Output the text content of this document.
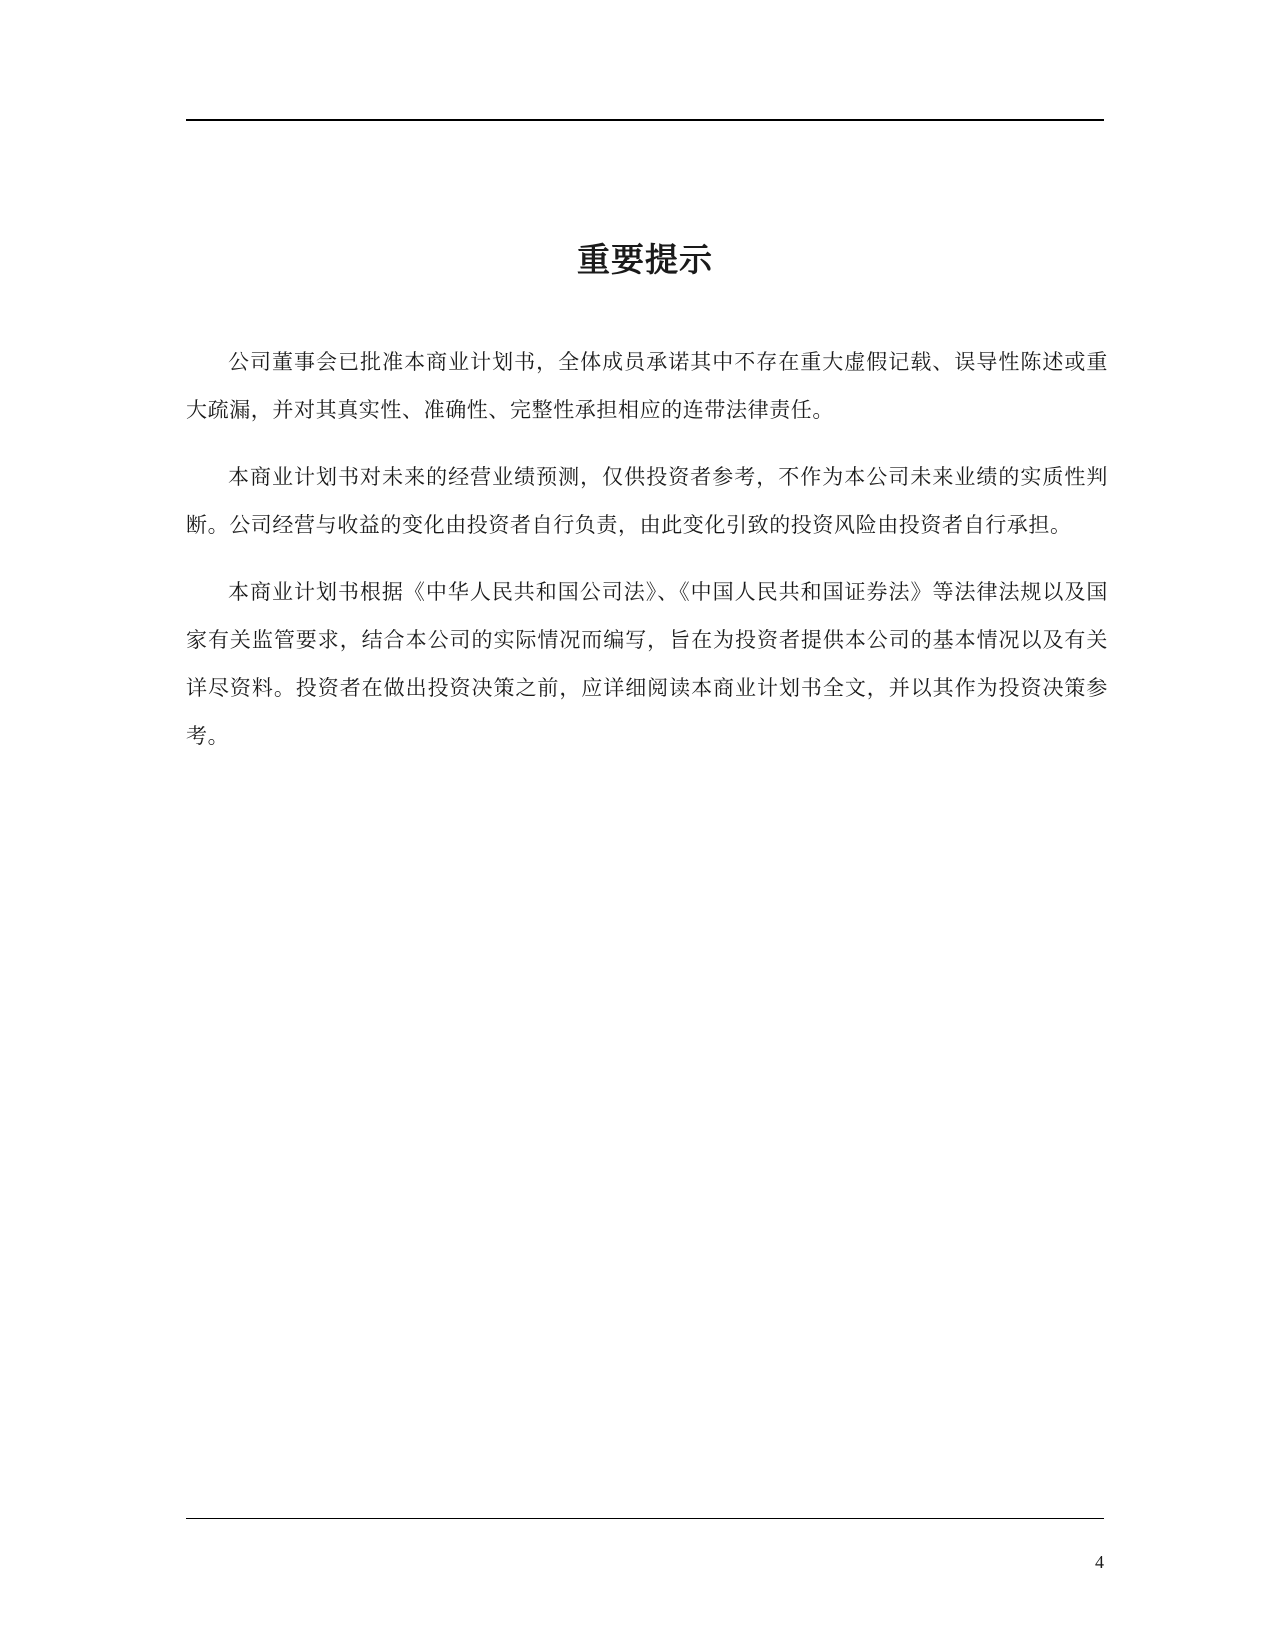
重要提示

公司董事会已批准本商业计划书，全体成员承诺其中不存在重大虚假记载、误导性陈述或重大疏漏，并对其真实性、准确性、完整性承担相应的连带法律责任。

本商业计划书对未来的经营业绩预测，仅供投资者参考，不作为本公司未来业绩的实质性判断。公司经营与收益的变化由投资者自行负责，由此变化引致的投资风险由投资者自行承担。

本商业计划书根据《中华人民共和国公司法》、《中国人民共和国证券法》等法律法规以及国家有关监管要求，结合本公司的实际情况而编写，旨在为投资者提供本公司的基本情况以及有关详尽资料。投资者在做出投资决策之前，应详细阅读本商业计划书全文，并以其作为投资决策参考。

4
